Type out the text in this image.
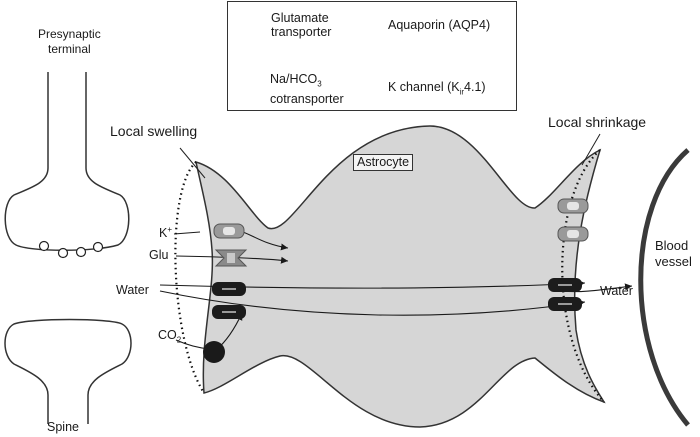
Glutamate
transporter	Aquaporin (AQP4)
$Na/HCO_3$
cotransporter
K channel $(K_{ir}4.1)$
Presynaptic
terminal
Spine
Local swelling
Local shrinkage
Astrocyte
Blood
vessel
K+
Glu
Water	Water
$CO_2$
